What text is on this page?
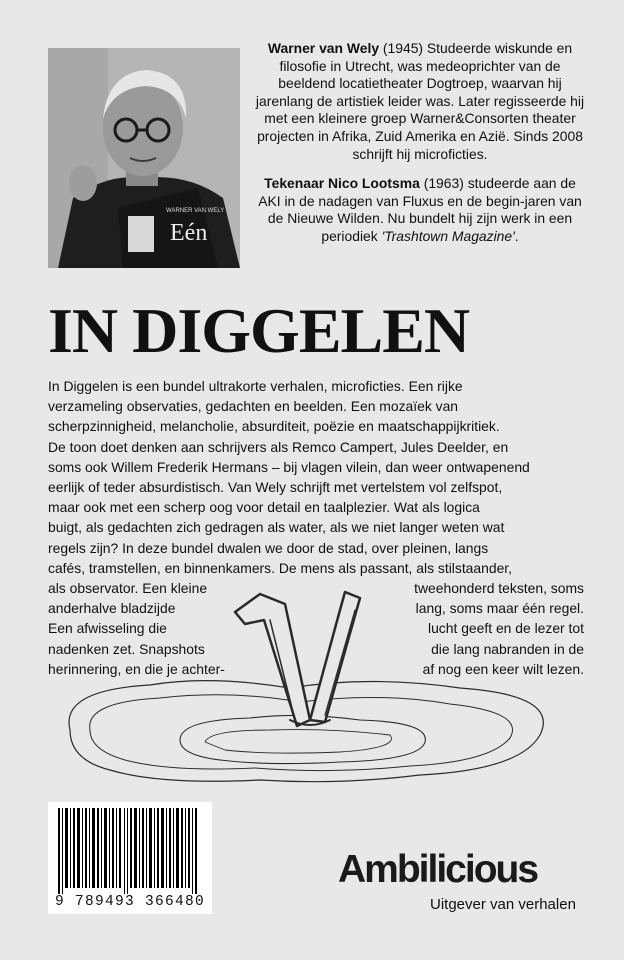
WARNER VAN WELY
Eén

Warner van Wely (1945) Studeerde wiskunde en filosofie in Utrecht, was medeoprichter van de beeldend locatietheater Dogtroep, waarvan hij jarenlang de artistiek leider was. Later regisseerde hij met een kleinere groep Warner&Consorten theater projecten in Afrika, Zuid Amerika en Azië. Sinds 2008 schrijft hij microficties.

Tekenaar Nico Lootsma (1963) studeerde aan de AKI in de nadagen van Fluxus en de begin-jaren van de Nieuwe Wilden. Nu bundelt hij zijn werk in een periodiek 'Trashtown Magazine'.

IN DIGGELEN
In Diggelen is een bundel ultrakorte verhalen, microficties. Een rijke
verzameling observaties, gedachten en beelden. Een mozaïek van
scherpzinnigheid, melancholie, absurditeit, poëzie en maatschappijkritiek.
De toon doet denken aan schrijvers als Remco Campert, Jules Deelder, en
soms ook Willem Frederik Hermans – bij vlagen vilein, dan weer ontwapenend
eerlijk of teder absurdistisch. Van Wely schrijft met vertelstem vol zelfspot,
maar ook met een scherp oog voor detail en taalplezier. Wat als logica
buigt, als gedachten zich gedragen als water, als we niet langer weten wat
regels zijn? In deze bundel dwalen we door de stad, over pleinen, langs
cafés, tramstellen, en binnenkamers. De mens als passant, als stilstaander,
als observator. Een kleine	tweehonderd teksten, soms
anderhalve bladzijde	lang, soms maar één regel.
Een afwisseling die	lucht geeft en de lezer tot
nadenken zet. Snapshots	die lang nabranden in de
herinnering, en die je achter-	af nog een keer wilt lezen.
9 789493 366480
Ambilicious
Uitgever van verhalen
